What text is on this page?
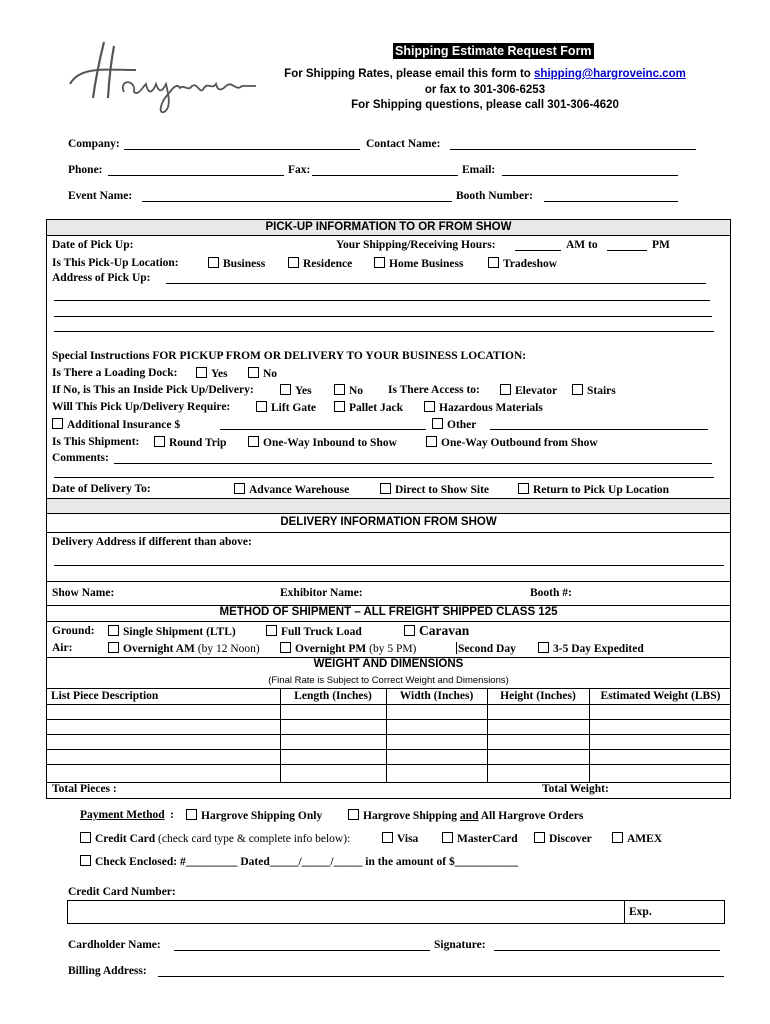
Shipping Estimate Request Form
For Shipping Rates, please email this form to shipping@hargroveinc.com
or fax to 301-306-6253
For Shipping questions, please call 301-306-4620
Company:	Contact Name:
Phone:	Fax:	Email:
Event Name:	Booth Number:
PICK-UP INFORMATION TO OR FROM SHOW
Date of Pick Up:	Your Shipping/Receiving Hours:	AM to	PM
Is This Pick-Up Location:	Business	Residence	Home Business	Tradeshow
Address of Pick Up:
Special Instructions FOR PICKUP FROM OR DELIVERY TO YOUR BUSINESS LOCATION:
Is There a Loading Dock:	Yes	No
If No, is This an Inside Pick Up/Delivery:	Yes	No Is There Access to:	Elevator	Stairs
Will This Pick Up/Delivery Require:	Lift Gate	Pallet Jack	Hazardous Materials
Additional Insurance $	Other
Is This Shipment:	Round Trip	One-Way Inbound to Show	One-Way Outbound from Show
Comments:
Date of Delivery To:	Advance Warehouse	Direct to Show Site	Return to Pick Up Location
DELIVERY INFORMATION FROM SHOW
Delivery Address if different than above:
Show Name:	Exhibitor Name:	Booth #:
METHOD OF SHIPMENT – ALL FREIGHT SHIPPED CLASS 125
Ground:	Single Shipment (LTL)	Full Truck Load	Caravan
Air:	Overnight AM (by 12 Noon)	Overnight PM (by 5 PM)	Second Day	3-5 Day Expedited
WEIGHT AND DIMENSIONS
(Final Rate is Subject to Correct Weight and Dimensions)
List Piece Description	Length (Inches)	Width (Inches)	Height (Inches)	Estimated Weight (LBS)
Total Pieces :	Total Weight:
Payment Method :	Hargrove Shipping Only	Hargrove Shipping and All Hargrove Orders
Credit Card (check card type & complete info below):	Visa	MasterCard	Discover	AMEX
Check Enclosed: #_________ Dated_____/_____/_____ in the amount of $___________
Credit Card Number:
Exp.
Cardholder Name:	Signature:
Billing Address:
